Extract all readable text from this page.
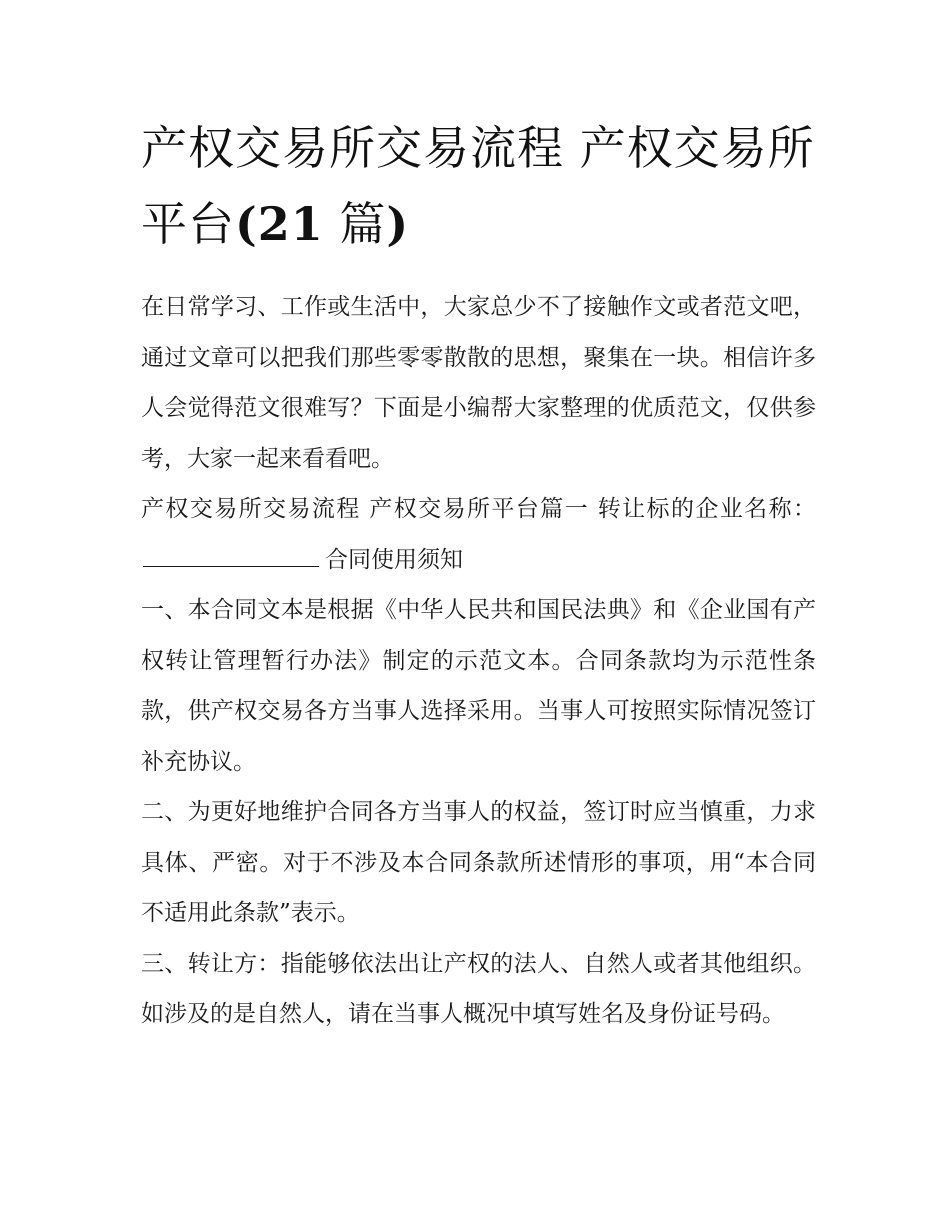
产权交易所交易流程 产权交易所平台(21 篇)

在日常学习、工作或生活中，大家总少不了接触作文或者范文吧，通过文章可以把我们那些零零散散的思想，聚集在一块。相信许多人会觉得范文很难写？下面是小编帮大家整理的优质范文，仅供参考，大家一起来看看吧。

产权交易所交易流程 产权交易所平台篇一 转让标的企业名称：合同使用须知

一、本合同文本是根据《中华人民共和国民法典》和《企业国有产权转让管理暂行办法》制定的示范文本。合同条款均为示范性条款，供产权交易各方当事人选择采用。当事人可按照实际情况签订补充协议。

二、为更好地维护合同各方当事人的权益，签订时应当慎重，力求具体、严密。对于不涉及本合同条款所述情形的事项，用“本合同不适用此条款”表示。

三、转让方：指能够依法出让产权的法人、自然人或者其他组织。如涉及的是自然人，请在当事人概况中填写姓名及身份证号码。
